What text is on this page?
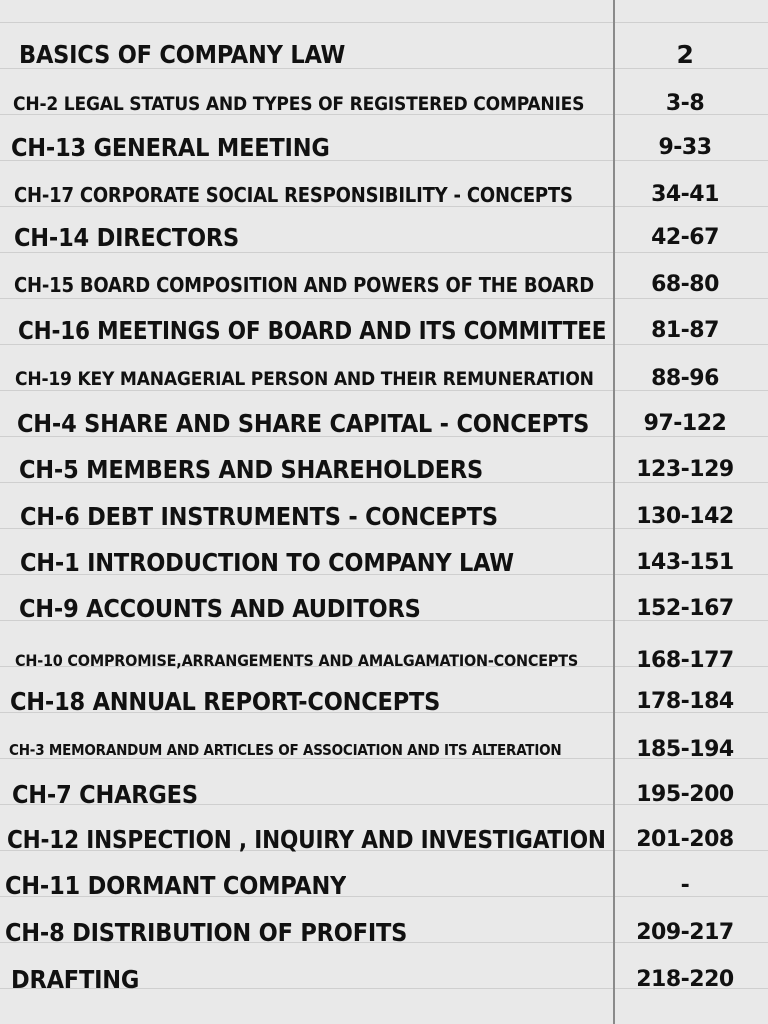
BASICS OF COMPANY LAW	2
CH-2 LEGAL STATUS AND TYPES OF REGISTERED COMPANIES	3-8
CH-13 GENERAL MEETING	9-33
CH-17 CORPORATE SOCIAL RESPONSIBILITY - CONCEPTS	34-41
CH-14 DIRECTORS	42-67
CH-15 BOARD COMPOSITION AND POWERS OF THE BOARD	68-80
CH-16 MEETINGS OF BOARD AND ITS COMMITTEE	81-87
CH-19 KEY MANAGERIAL PERSON AND THEIR REMUNERATION	88-96
CH-4 SHARE AND SHARE CAPITAL - CONCEPTS	97-122
CH-5 MEMBERS AND SHAREHOLDERS	123-129
CH-6 DEBT INSTRUMENTS - CONCEPTS	130-142
CH-1 INTRODUCTION TO COMPANY LAW	143-151
CH-9 ACCOUNTS AND AUDITORS	152-167
CH-10 COMPROMISE,ARRANGEMENTS AND AMALGAMATION-CONCEPTS	168-177
CH-18 ANNUAL REPORT-CONCEPTS	178-184
CH-3 MEMORANDUM AND ARTICLES OF ASSOCIATION AND ITS ALTERATION	185-194
CH-7 CHARGES	195-200
CH-12 INSPECTION , INQUIRY AND INVESTIGATION	201-208
CH-11 DORMANT COMPANY	-
CH-8 DISTRIBUTION OF PROFITS	209-217
DRAFTING	218-220
